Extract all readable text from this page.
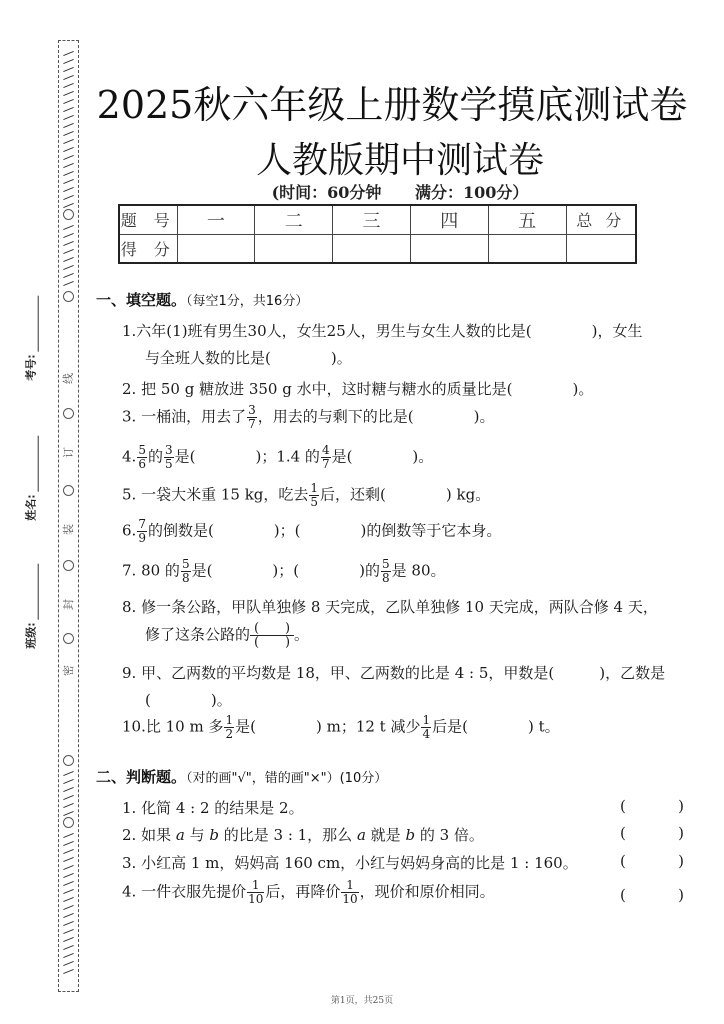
线
订
装
封
密
考号:
姓名:
班级:
2025秋六年级上册数学摸底测试卷
人教版期中测试卷
(时间：60分钟 满分：100分）
题 号	一	二	三	四	五	总 分
得 分						
一、填空题。（每空1分，共16分）
1.六年(1)班有男生30人，女生25人，男生与女生人数的比是(　　　　)，女生
与全班人数的比是(　　　　)。
2. 把 50 g 糖放进 350 g 水中，这时糖与糖水的质量比是(　　　　)。
3. 一桶油，用去了 $\frac{3}{7}$ ，用去的与剩下的比是(　　　　)。
4. $\frac{5}{6}$ 的 $\frac{3}{5}$ 是(　　　　)；1.4 的 $\frac{4}{7}$ 是(　　　　)。
5. 一袋大米重 15 kg，吃去 $\frac{1}{5}$ 后，还剩(　　　　) kg。
6. $\frac{7}{9}$ 的倒数是(　　　　)；(　　　　)的倒数等于它本身。
7. 80 的 $\frac{5}{8}$ 是(　　　　)；(　　　　)的 $\frac{5}{8}$ 是 80。
8. 修一条公路，甲队单独修 8 天完成，乙队单独修 10 天完成，两队合修 4 天，
修了这条公路的 (　　)
(　　) 。
9. 甲、乙两数的平均数是 18，甲、乙两数的比是 4 : 5，甲数是(　　　)，乙数是
(　　　　)。
10.比 10 m 多 $\frac{1}{2}$ 是(　　　　) m；12 t 减少 $\frac{1}{4}$ 后是(　　　　) t。
二、判断题。（对的画"√"，错的画"×"）(10分）
1. 化简 4 : 2 的结果是 2。	(	)
2. 如果 a 与 b 的比是 3 : 1，那么 a 就是 b 的 3 倍。	(	)
3. 小红高 1 m，妈妈高 160 cm，小红与妈妈身高的比是 1 : 160。	(	)
4. 一件衣服先提价 $\frac{1}{10}$ 后，再降价 $\frac{1}{10}$ ，现价和原价相同。	(	)
第1页，共25页
